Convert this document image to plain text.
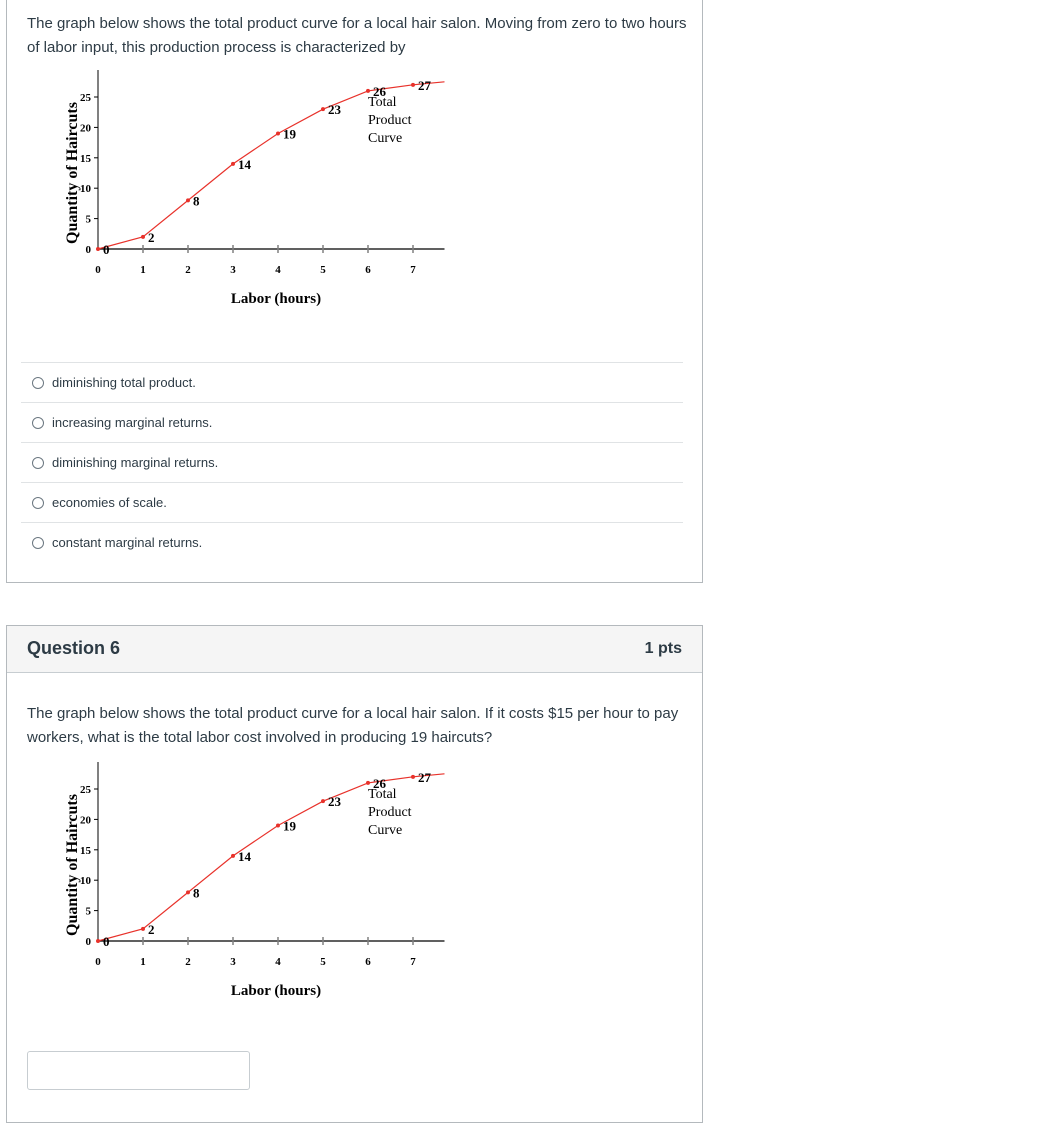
The graph below shows the total product curve for a local hair salon. Moving from zero to two hours of labor input, this production process is characterized by
Quantity of Haircuts
0
5
10
15
20
25
0	1	2	3	4	5	6	7
Labor (hours)
0
2
8
14
19
23
26 27
Total
Product
Curve
diminishing total product.
increasing marginal returns.
diminishing marginal returns.
economies of scale.
constant marginal returns.
Question 6	1 pts
The graph below shows the total product curve for a local hair salon. If it costs $15 per hour to pay workers, what is the total labor cost involved in producing 19 haircuts?
Quantity of Haircuts
0
5
10
15
20
25
0	1	2	3	4	5	6	7
Labor (hours)
0
2
8
14
19
23
26 27
Total
Product
Curve
